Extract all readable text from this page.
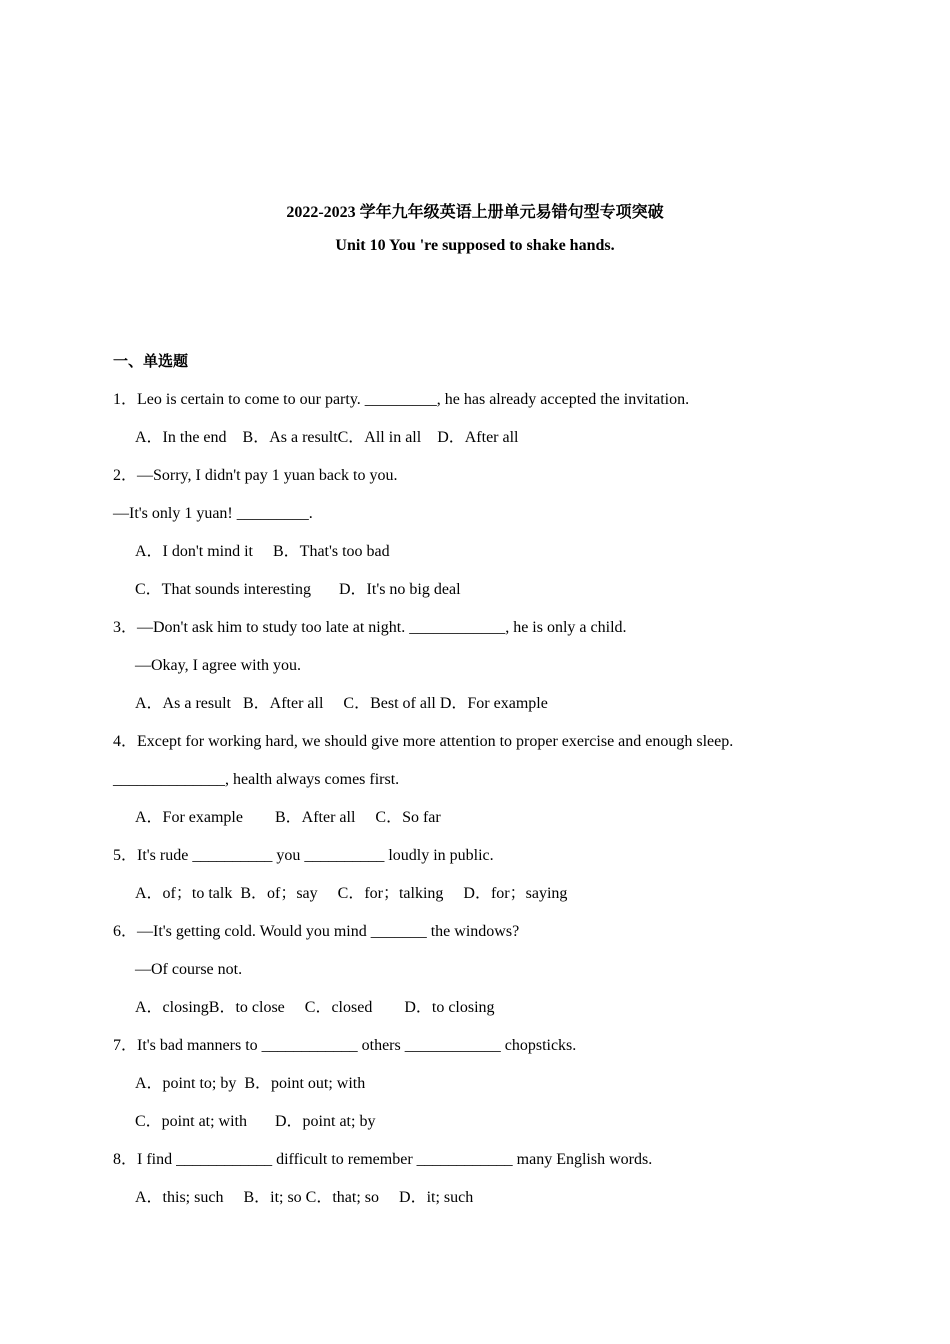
2022-2023 学年九年级英语上册单元易错句型专项突破
Unit 10 You 're supposed to shake hands.
一、单选题
1．Leo is certain to come to our party. _________, he has already accepted the invitation.
A．In the end    B．As a resultC．All in all    D．After all
2．—Sorry, I didn't pay 1 yuan back to you.
—It's only 1 yuan! _________.
A．I don't mind it     B．That's too bad
C．That sounds interesting       D．It's no big deal
3．—Don't ask him to study too late at night. ____________, he is only a child.
—Okay, I agree with you.
A．As a result   B．After all     C．Best of all D．For example
4．Except for working hard, we should give more attention to proper exercise and enough sleep.
______________, health always comes first.
A．For example        B．After all     C．So far
5．It's rude __________ you __________ loudly in public.
A．of；to talk  B．of；say     C．for；talking     D．for；saying
6．—It's getting cold. Would you mind _______ the windows?
—Of course not.
A．closingB．to close     C．closed        D．to closing
7．It's bad manners to ____________ others ____________ chopsticks.
A．point to; by  B．point out; with
C．point at; with       D．point at; by
8．I find ____________ difficult to remember ____________ many English words.
A．this; such     B．it; so C．that; so     D．it; such
